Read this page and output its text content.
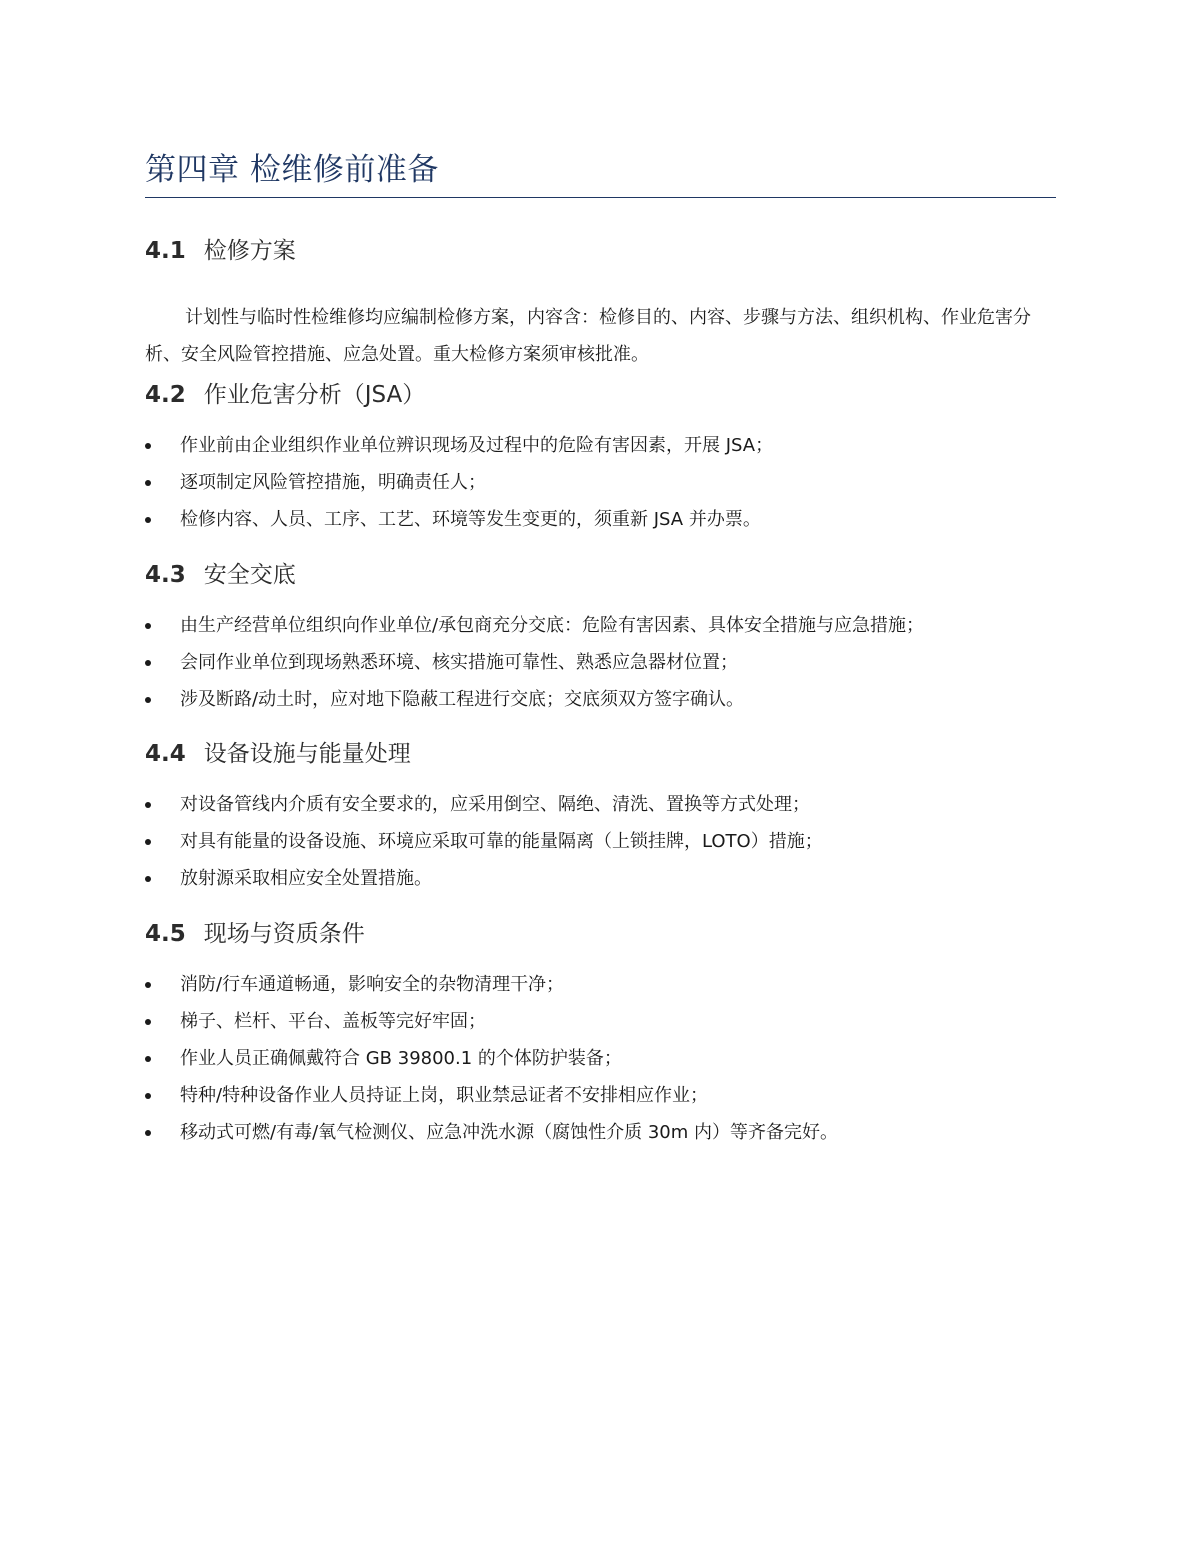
第四章 检维修前准备
4.1 检修方案

计划性与临时性检维修均应编制检修方案，内容含：检修目的、内容、步骤与方法、组织机构、作业危害分析、安全风险管控措施、应急处置。重大检修方案须审核批准。

4.2 作业危害分析（JSA）
作业前由企业组织作业单位辨识现场及过程中的危险有害因素，开展 JSA；
逐项制定风险管控措施，明确责任人；
检修内容、人员、工序、工艺、环境等发生变更的，须重新 JSA 并办票。
4.3 安全交底
由生产经营单位组织向作业单位/承包商充分交底：危险有害因素、具体安全措施与应急措施；
会同作业单位到现场熟悉环境、核实措施可靠性、熟悉应急器材位置；
涉及断路/动土时，应对地下隐蔽工程进行交底；交底须双方签字确认。
4.4 设备设施与能量处理
对设备管线内介质有安全要求的，应采用倒空、隔绝、清洗、置换等方式处理；
对具有能量的设备设施、环境应采取可靠的能量隔离（上锁挂牌，LOTO）措施；
放射源采取相应安全处置措施。
4.5 现场与资质条件
消防/行车通道畅通，影响安全的杂物清理干净；
梯子、栏杆、平台、盖板等完好牢固；
作业人员正确佩戴符合 GB 39800.1 的个体防护装备；
特种/特种设备作业人员持证上岗，职业禁忌证者不安排相应作业；
移动式可燃/有毒/氧气检测仪、应急冲洗水源（腐蚀性介质 30m 内）等齐备完好。
